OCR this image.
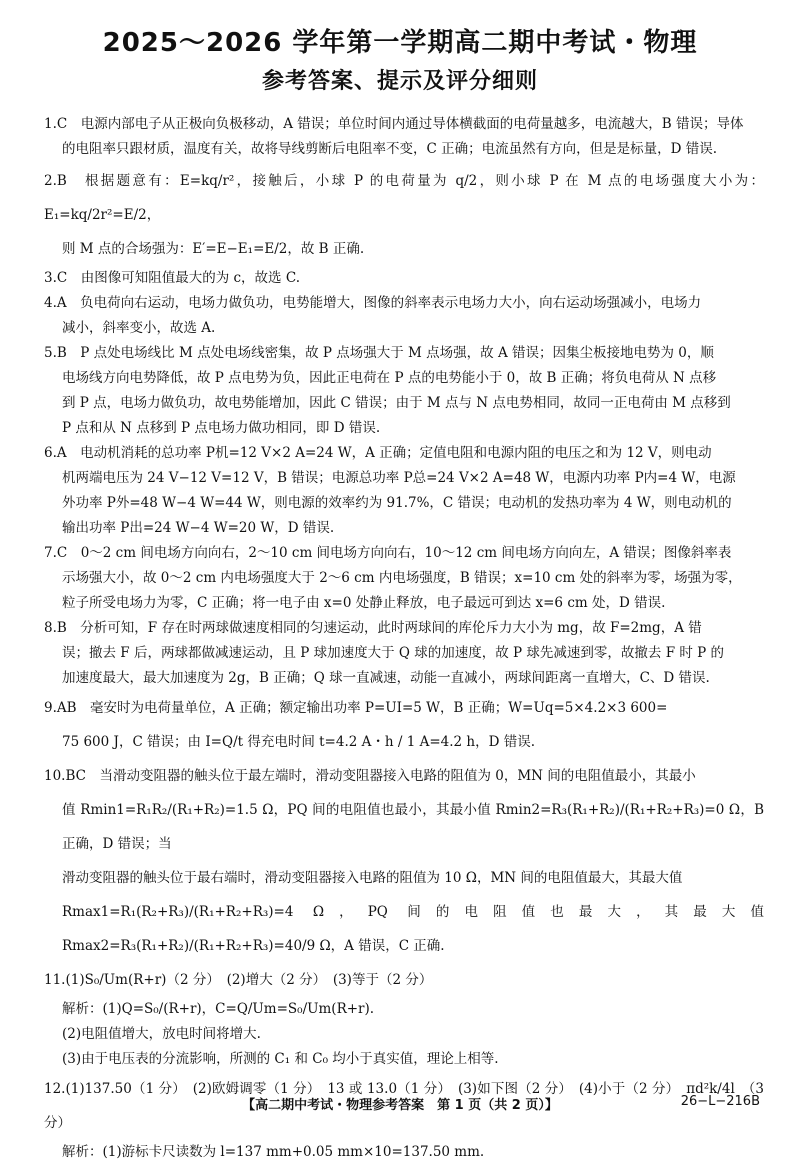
2025～2026 学年第一学期高二期中考试・物理
参考答案、提示及评分细则
1.C　电源内部电子从正极向负极移动，A 错误；单位时间内通过导体横截面的电荷量越多，电流越大，B 错误；导体
的电阻率只跟材质，温度有关，故将导线剪断后电阻率不变，C 正确；电流虽然有方向，但是是标量，D 错误.
2.B　根据题意有：E=kq/r²，接触后，小球 P 的电荷量为 q/2，则小球 P 在 M 点的电场强度大小为：E₁=kq/2r²=E/2，
则 M 点的合场强为：E′=E−E₁=E/2，故 B 正确.
3.C　由图像可知阻值最大的为 c，故选 C.
4.A　负电荷向右运动，电场力做负功，电势能增大，图像的斜率表示电场力大小，向右运动场强减小，电场力
减小，斜率变小，故选 A.
5.B　P 点处电场线比 M 点处电场线密集，故 P 点场强大于 M 点场强，故 A 错误；因集尘板接地电势为 0，顺
电场线方向电势降低，故 P 点电势为负，因此正电荷在 P 点的电势能小于 0，故 B 正确；将负电荷从 N 点移
到 P 点，电场力做负功，故电势能增加，因此 C 错误；由于 M 点与 N 点电势相同，故同一正电荷由 M 点移到
P 点和从 N 点移到 P 点电场力做功相同，即 D 错误.
6.A　电动机消耗的总功率 P机=12 V×2 A=24 W，A 正确；定值电阻和电源内阻的电压之和为 12 V，则电动
机两端电压为 24 V−12 V=12 V，B 错误；电源总功率 P总=24 V×2 A=48 W，电源内功率 P内=4 W，电源
外功率 P外=48 W−4 W=44 W，则电源的效率约为 91.7%，C 错误；电动机的发热功率为 4 W，则电动机的
输出功率 P出=24 W−4 W=20 W，D 错误.
7.C　0～2 cm 间电场方向向右，2～10 cm 间电场方向向右，10～12 cm 间电场方向向左，A 错误；图像斜率表
示场强大小，故 0～2 cm 内电场强度大于 2～6 cm 内电场强度，B 错误；x=10 cm 处的斜率为零，场强为零，
粒子所受电场力为零，C 正确；将一电子由 x=0 处静止释放，电子最远可到达 x=6 cm 处，D 错误.
8.B　分析可知，F 存在时两球做速度相同的匀速运动，此时两球间的库伦斥力大小为 mg，故 F=2mg，A 错
误；撤去 F 后，两球都做减速运动，且 P 球加速度大于 Q 球的加速度，故 P 球先减速到零，故撤去 F 时 P 的
加速度最大，最大加速度为 2g，B 正确；Q 球一直减速，动能一直减小，两球间距离一直增大，C、D 错误.
9.AB　毫安时为电荷量单位，A 正确；额定输出功率 P=UI=5 W，B 正确；W=Uq=5×4.2×3 600=
75 600 J，C 错误；由 I=Q/t 得充电时间 t=4.2 A・h / 1 A=4.2 h，D 错误.
10.BC　当滑动变阻器的触头位于最左端时，滑动变阻器接入电路的阻值为 0，MN 间的电阻值最小，其最小
值 Rmin1=R₁R₂/(R₁+R₂)=1.5 Ω，PQ 间的电阻值也最小，其最小值 Rmin2=R₃(R₁+R₂)/(R₁+R₂+R₃)=0 Ω，B 正确，D 错误；当
滑动变阻器的触头位于最右端时，滑动变阻器接入电路的阻值为 10 Ω，MN 间的电阻值最大，其最大值
Rmax1=R₁(R₂+R₃)/(R₁+R₂+R₃)=4 Ω，PQ 间的电阻值也最大，其最大值 Rmax2=R₃(R₁+R₂)/(R₁+R₂+R₃)=40/9 Ω，A 错误，C 正确.
11.(1)S₀/Um(R+r)（2 分）　(2)增大（2 分）　(3)等于（2 分）
解析：(1)Q=S₀/(R+r)，C=Q/Um=S₀/Um(R+r).
(2)电阻值增大，放电时间将增大.
(3)由于电压表的分流影响，所测的 C₁ 和 C₀ 均小于真实值，理论上相等.
12.(1)137.50（1 分）　(2)欧姆调零（1 分）　13 或 13.0（1 分）　(3)如下图（2 分）　(4)小于（2 分）　πd²k/4l　（3 分）
解析：(1)游标卡尺读数为 l=137 mm+0.05 mm×10=137.50 mm.
【高二期中考试・物理参考答案　第 1 页（共 2 页）】	26−L−216B
